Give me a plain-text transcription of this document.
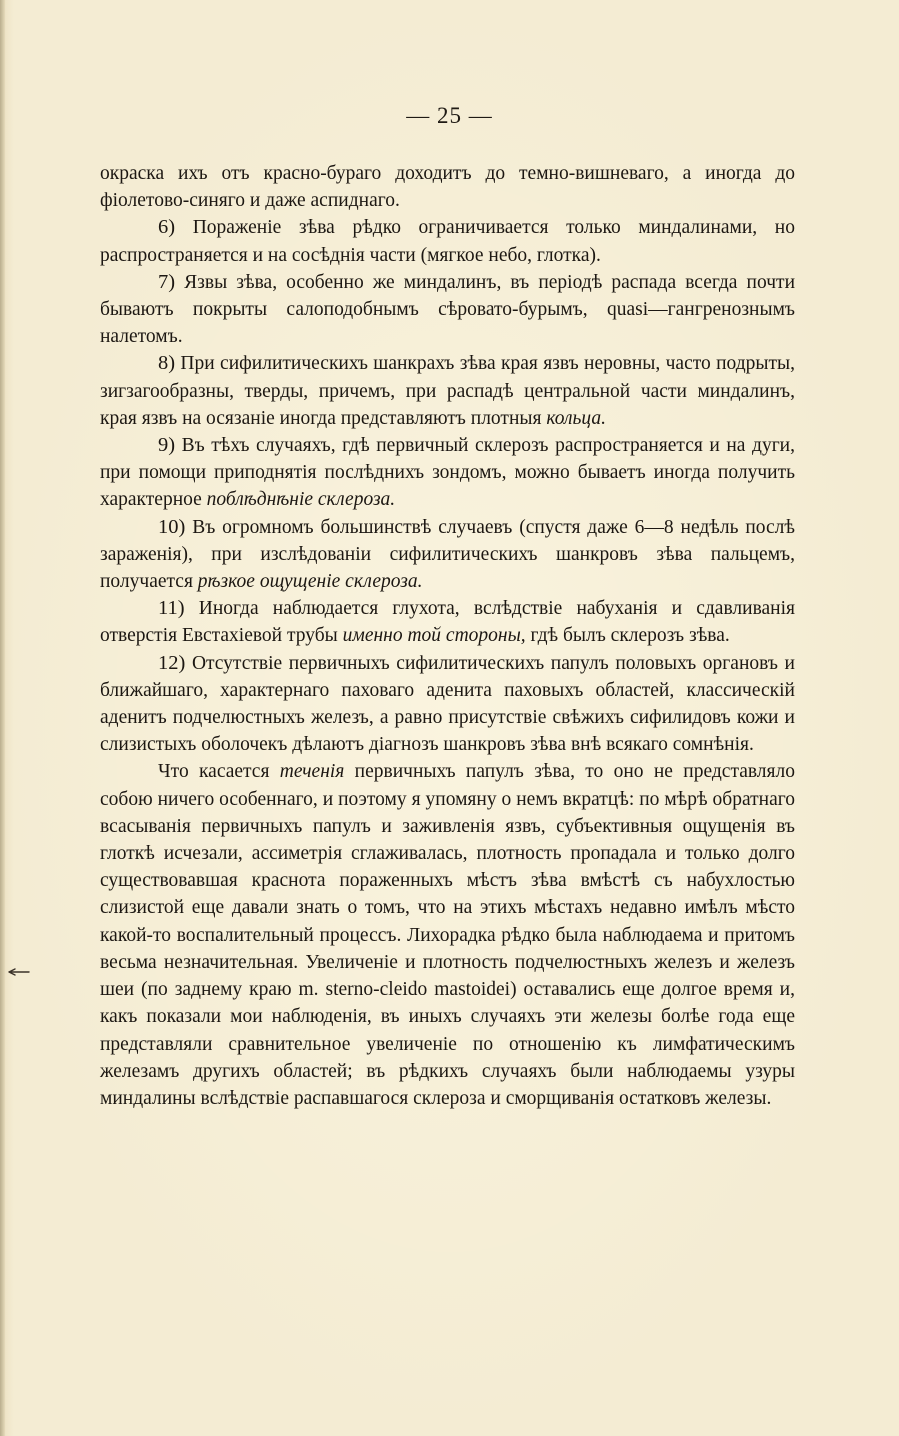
— 25 —

окраска ихъ отъ красно-бураго доходитъ до темно-вишневаго, а иногда до фіолетово-синяго и даже аспиднаго.

6) Пораженіе зѣва рѣдко ограничивается только миндалинами, но распространяется и на сосѣднія части (мягкое небо, глотка).

7) Язвы зѣва, особенно же миндалинъ, въ періодѣ распада всегда почти бываютъ покрыты салоподобнымъ сѣровато-бурымъ, quasi—гангренознымъ налетомъ.

8) При сифилитическихъ шанкрахъ зѣва края язвъ неровны, часто подрыты, зигзагообразны, тверды, причемъ, при распадѣ центральной части миндалинъ, края язвъ на осязаніе иногда представляютъ плотныя кольца.

9) Въ тѣхъ случаяхъ, гдѣ первичный склерозъ распространяется и на дуги, при помощи приподнятія послѣднихъ зондомъ, можно бываетъ иногда получить характерное поблѣднѣніе склероза.

10) Въ огромномъ большинствѣ случаевъ (спустя даже 6—8 недѣль послѣ зараженія), при изслѣдованіи сифилитическихъ шанкровъ зѣва пальцемъ, получается рѣзкое ощущеніе склероза.

11) Иногда наблюдается глухота, вслѣдствіе набуханія и сдавливанія отверстія Евстахіевой трубы именно той стороны, гдѣ былъ склерозъ зѣва.

12) Отсутствіе первичныхъ сифилитическихъ папулъ половыхъ органовъ и ближайшаго, характернаго паховаго аденита паховыхъ областей, классическій аденитъ подчелюстныхъ железъ, а равно присутствіе свѣжихъ сифилидовъ кожи и слизистыхъ оболочекъ дѣлаютъ діагнозъ шанкровъ зѣва внѣ всякаго сомнѣнія.

Что касается теченія первичныхъ папулъ зѣва, то оно не представляло собою ничего особеннаго, и поэтому я упомяну о немъ вкратцѣ: по мѣрѣ обратнаго всасыванія первичныхъ папулъ и заживленія язвъ, субъективныя ощущенія въ глоткѣ исчезали, ассиметрія сглаживалась, плотность пропадала и только долго существовавшая краснота пораженныхъ мѣстъ зѣва вмѣстѣ съ набухлостью слизистой еще давали знать о томъ, что на этихъ мѣстахъ недавно имѣлъ мѣсто какой-то воспалительный процессъ. Лихорадка рѣдко была наблюдаема и притомъ весьма незначительная. Увеличеніе и плотность подчелюстныхъ железъ и железъ шеи (по заднему краю m. sterno-cleido mastoidei) оставались еще долгое время и, какъ показали мои наблюденія, въ иныхъ случаяхъ эти железы болѣе года еще представляли сравнительное увеличеніе по отношенію къ лимфатическимъ железамъ другихъ областей; въ рѣдкихъ случаяхъ были наблюдаемы узуры миндалины вслѣдствіе распавшагося склероза и сморщиванія остатковъ железы.
